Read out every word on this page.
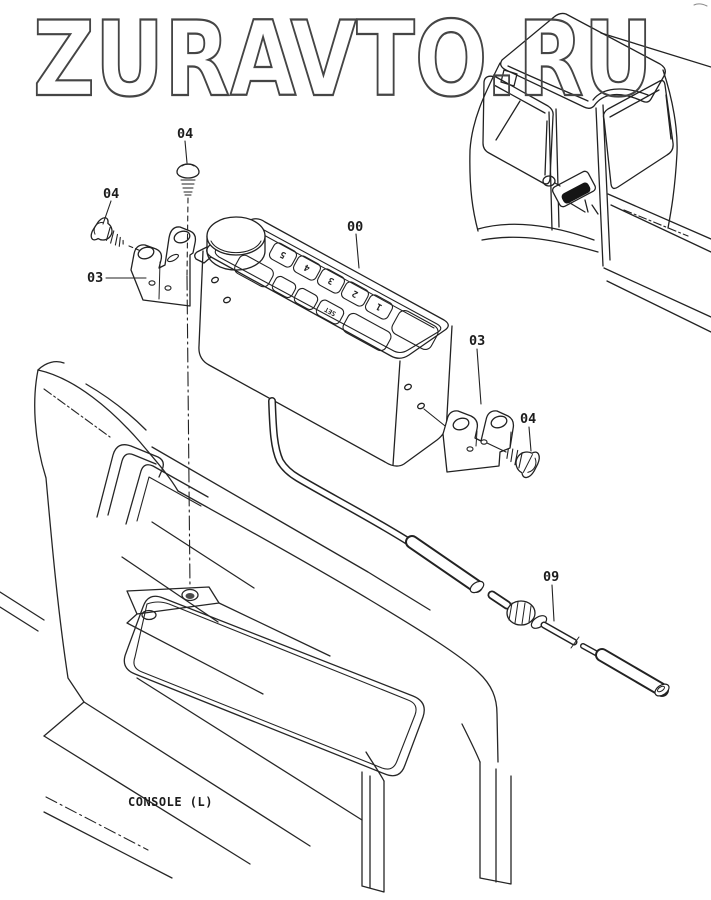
ZURAVTO.RU
5
4
3
2
1
SET
00
04
04
03
03
04
09
CONSOLE (L)
